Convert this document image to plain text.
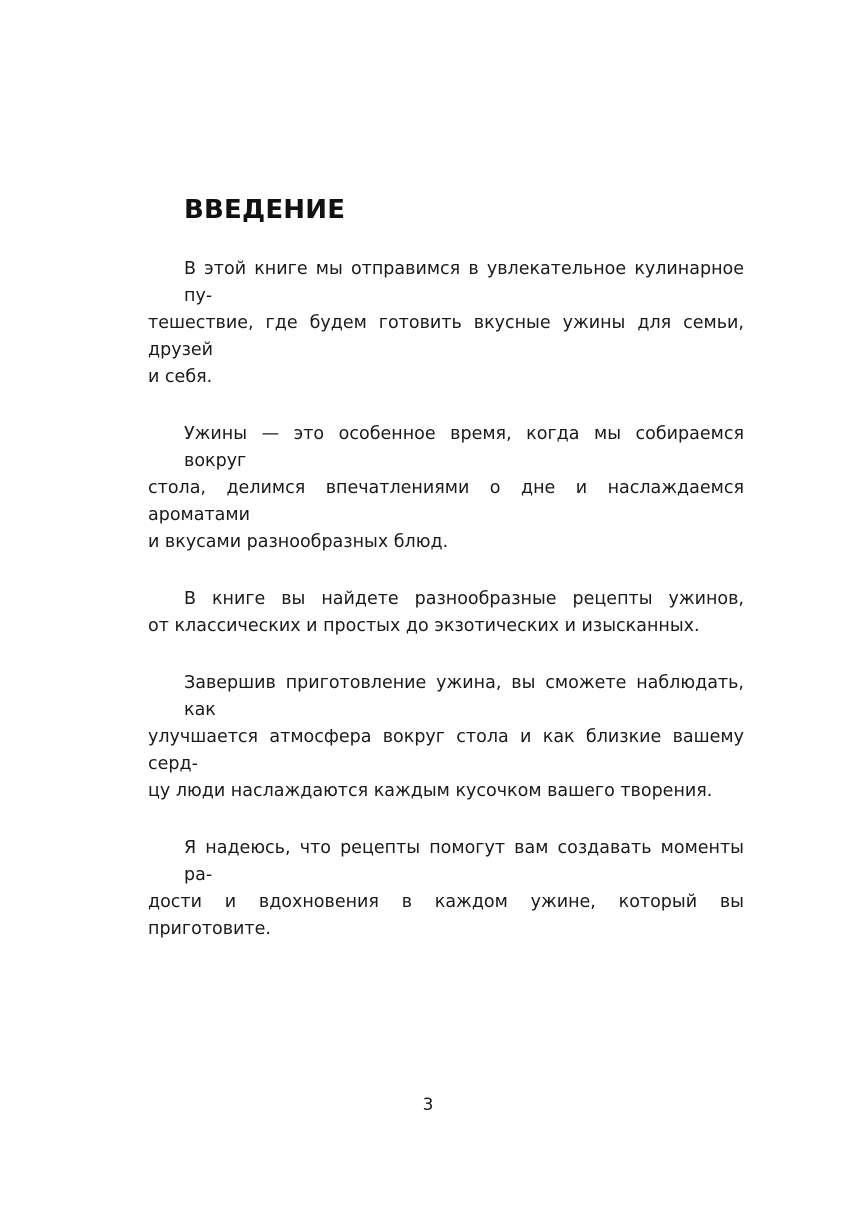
ВВЕДЕНИЕ

В этой книге мы отправимся в увлекательное кулинарное пу-
тешествие, где будем готовить вкусные ужины для семьи, друзей
и себя.

Ужины — это особенное время, когда мы собираемся вокруг
стола, делимся впечатлениями о дне и наслаждаемся ароматами
и вкусами разнообразных блюд.

В книге вы найдете разнообразные рецепты ужинов,
от классических и простых до экзотических и изысканных.

Завершив приготовление ужина, вы сможете наблюдать, как
улучшается атмосфера вокруг стола и как близкие вашему серд-
цу люди наслаждаются каждым кусочком вашего творения.

Я надеюсь, что рецепты помогут вам создавать моменты ра-
дости и вдохновения в каждом ужине, который вы приготовите.

3
